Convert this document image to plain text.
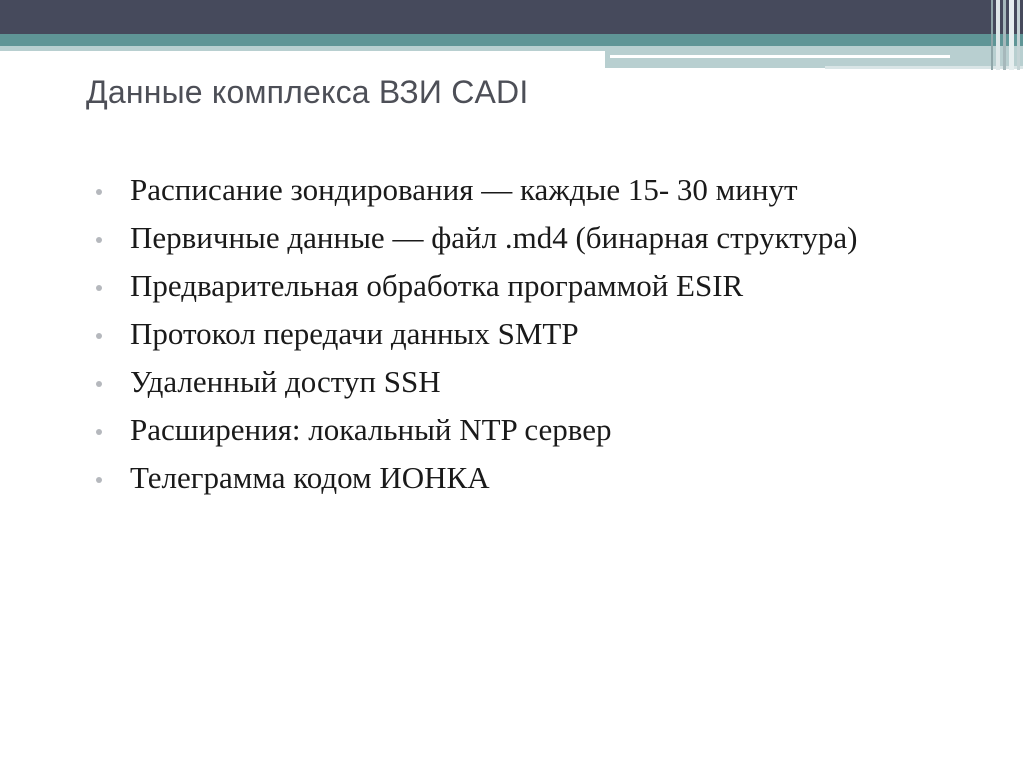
Данные комплекса ВЗИ CADI
Расписание зондирования — каждые 15- 30 минут
Первичные данные — файл .md4 (бинарная структура)
Предварительная обработка программой ESIR
Протокол передачи данных SMTP
Удаленный доступ SSH
Расширения: локальный NTP сервер
Телеграмма кодом ИОНКА
